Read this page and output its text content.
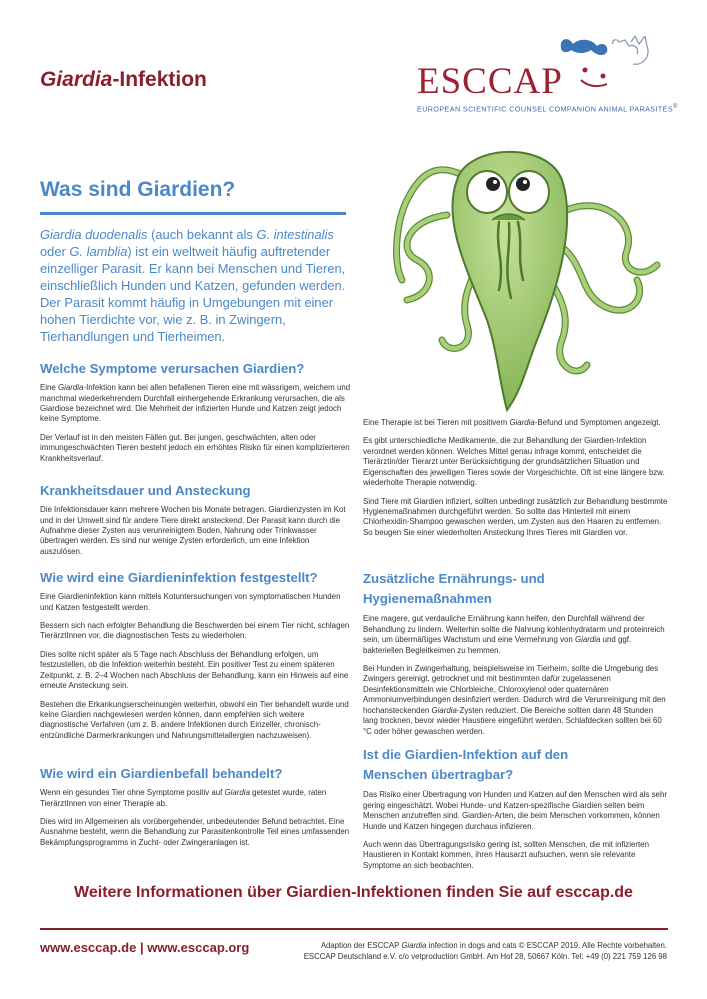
Giardia-Infektion	ESCCAP
EUROPEAN SCIENTIFIC COUNSEL COMPANION ANIMAL PARASITES®
Was sind Giardien?
Giardia duodenalis (auch bekannt als G. intestinalis oder G. lamblia) ist ein weltweit häufig auftretender einzelliger Parasit. Er kann bei Menschen und Tieren, einschließlich Hunden und Katzen, gefunden werden. Der Parasit kommt häufig in Umgebungen mit einer hohen Tierdichte vor, wie z. B. in Zwingern, Tierhandlungen und Tierheimen.
Welche Symptome verursachen Giardien?

Eine Giardia-Infektion kann bei allen befallenen Tieren eine mit wässrigem, weichem und manchmal wiederkehrendem Durchfall einhergehende Erkrankung verursachen, die als Giardiose bezeichnet wird. Die Mehrheit der infizierten Hunde und Katzen zeigt jedoch keine Symptome.

Der Verlauf ist in den meisten Fällen gut. Bei jungen, geschwächten, alten oder immungeschwächten Tieren besteht jedoch ein erhöhtes Risiko für einen komplizierteren Krankheitsverlauf.

Krankheitsdauer und Ansteckung

Die Infektionsdauer kann mehrere Wochen bis Monate betragen. Giardienzysten im Kot und in der Umwelt sind für andere Tiere direkt ansteckend. Der Parasit kann durch die Aufnahme dieser Zysten aus verunreinigtem Boden, Nahrung oder Trinkwasser übertragen werden. Es sind nur wenige Zysten erforderlich, um eine Infektion auszulösen.

Wie wird eine Giardieninfektion festgestellt?

Eine Giardieninfektion kann mittels Kotuntersuchungen von symptomatischen Hunden und Katzen festgestellt werden.

Bessern sich nach erfolgter Behandlung die Beschwerden bei einem Tier nicht, schlagen TierärztInnen vor, die diagnostischen Tests zu wiederholen.

Dies sollte nicht später als 5 Tage nach Abschluss der Behandlung erfolgen, um festzustellen, ob die Infektion weiterhin besteht. Ein positiver Test zu einem späteren Zeitpunkt, z. B. 2–4 Wochen nach Abschluss der Behandlung, kann ein Hinweis auf eine erneute Ansteckung sein.

Bestehen die Erkankungserscheinungen weiterhin, obwohl ein Tier behandelt wurde und keine Giardien nachgewiesen werden können, dann empfehlen sich weitere diagnostische Verfahren (um z. B. andere Infektionen durch Einzeller, chronisch-entzündliche Darmerkrankungen und Nahrungsmittelallergien nachzuweisen).

Wie wird ein Giardienbefall behandelt?

Wenn ein gesundes Tier ohne Symptome positiv auf Giardia getestet wurde, raten TierärztInnen von einer Therapie ab.

Dies wird im Allgemeinen als vorübergehender, unbedeutender Befund betrachtet. Eine Ausnahme besteht, wenn die Behandlung zur Parasitenkontrolle Teil eines umfassenden Bekämpfungsprogramms in Zucht- oder Zwingeranlagen ist.

Eine Therapie ist bei Tieren mit positivem Giardia-Befund und Symptomen angezeigt.

Es gibt unterschiedliche Medikamente, die zur Behandlung der Giardien-Infektion verordnet werden können. Welches Mittel genau infrage kommt, entscheidet die Tierärztin/der Tierarzt unter Berücksichtigung der grundsätzlichen Situation und Eigenschaften des jeweiligen Tieres sowie der Vorgeschichte. Oft ist eine längere bzw. wiederholte Therapie notwendig.

Sind Tiere mit Giardien infiziert, sollten unbedingt zusätzlich zur Behandlung bestimmte Hygienemaßnahmen durchgeführt werden. So sollte das Hinterteil mit einem Chlorhexidin-Shampoo gewaschen werden, um Zysten aus den Haaren zu entfernen. So beugen Sie einer wiederholten Ansteckung Ihres Tieres mit Giardien vor.

Zusätzliche Ernährungs- und
Hygienemaßnahmen

Eine magere, gut verdauliche Ernährung kann helfen, den Durchfall während der Behandlung zu lindern. Weiterhin sollte die Nahrung kohlenhydratarm und proteinreich sein, um übermäßiges Wachstum und eine Vermehrung von Giardia und ggf. bakteriellen Begleitkeimen zu hemmen.

Bei Hunden in Zwingerhaltung, beispielsweise im Tierheim, sollte die Umgebung des Zwingers gereinigt, getrocknet und mit bestimmten dafür zugelassenen Desinfektionsmitteln wie Chlorbleiche, Chloroxylenol oder quaternären Ammoniumverbindungen desinfiziert werden. Dadurch wird die Verunreinigung mit den hochansteckenden Giardia-Zysten reduziert. Die Bereiche sollten dann 48 Stunden lang trocknen, bevor wieder Haustiere eingeführt werden. Schlafdecken sollten bei 60 °C oder höher gewaschen werden.

Ist die Giardien-Infektion auf den
Menschen übertragbar?

Das Risiko einer Übertragung von Hunden und Katzen auf den Menschen wird als sehr gering eingeschätzt. Wobei Hunde- und Katzen-spezifische Giardien selten beim Menschen anzutreffen sind. Giardien-Arten, die beim Menschen vorkommen, können Hunde und Katzen hingegen durchaus infizieren.

Auch wenn das Übertragungsrisiko gering ist, sollten Menschen, die mit infizierten Haustieren in Kontakt kommen, ihren Hausarzt aufsuchen, wenn sie relevante Symptome an sich beobachten.

Weitere Informationen über Giardien-Infektionen finden Sie auf esccap.de
www.esccap.de | www.esccap.org	Adaption der ESCCAP Giardia infection in dogs and cats © ESCCAP 2019. Alle Rechte vorbehalten.
ESCCAP Deutschland e.V. c/o vetproduction GmbH. Am Hof 28, 50667 Köln. Tel: +49 (0) 221 759 126 98
